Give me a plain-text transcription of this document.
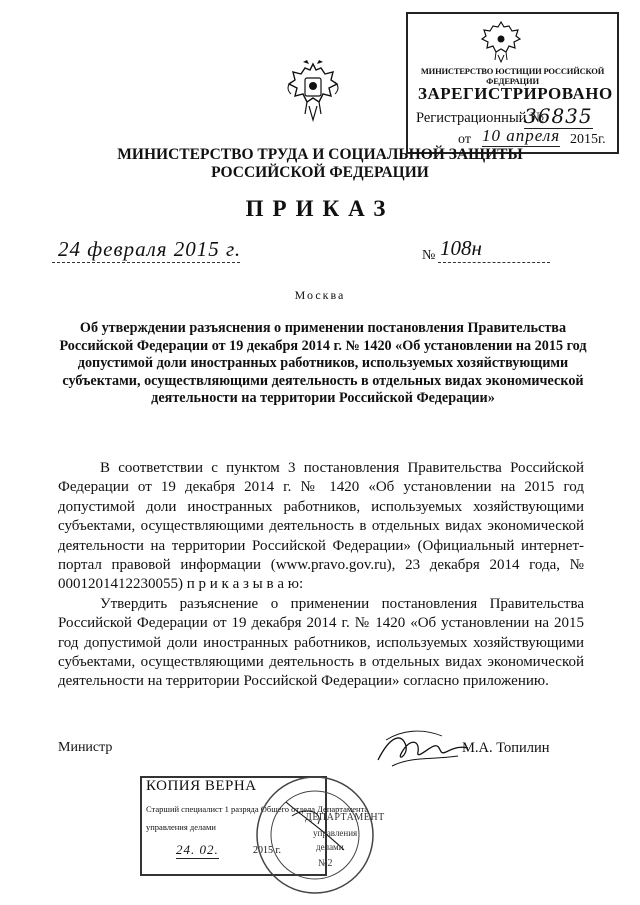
МИНИСТЕРСТВО ЮСТИЦИИ РОССИЙСКОЙ ФЕДЕРАЦИИ
ЗАРЕГИСТРИРОВАНО
Регистрационный №
36835
от 10 апреля 2015г.
МИНИСТЕРСТВО ТРУДА И СОЦИАЛЬНОЙ ЗАЩИТЫ
РОССИЙСКОЙ ФЕДЕРАЦИИ
ПРИКАЗ
24 февраля 2015 г.	№ 108н
Москва
Об утверждении разъяснения о применении постановления Правительства Российской Федерации от 19 декабря 2014 г. № 1420 «Об установлении на 2015 год допустимой доли иностранных работников, используемых хозяйствующими субъектами, осуществляющими деятельность в отдельных видах экономической деятельности на территории Российской Федерации»

В соответствии с пунктом 3 постановления Правительства Российской Федерации от 19 декабря 2014 г. № 1420 «Об установлении на 2015 год допустимой доли иностранных работников, используемых хозяйствующими субъектами, осуществляющими деятельность в отдельных видах экономической деятельности на территории Российской Федерации» (Официальный интернет-портал правовой информации (www.pravo.gov.ru), 23 декабря 2014 года, № 0001201412230055) п р и к а з ы в а ю:

Утвердить разъяснение о применении постановления Правительства Российской Федерации от 19 декабря 2014 г. № 1420 «Об установлении на 2015 год допустимой доли иностранных работников, используемых хозяйствующими субъектами, осуществляющими деятельность в отдельных видах экономической деятельности на территории Российской Федерации» согласно приложению.

Министр	М.А. Топилин
КОПИЯ ВЕРНА
Старший специалист 1 разряда Общего отдела Департамента
управления делами
24. 02.	2015 г.
ДЕПАРТАМЕНТ
управления
делами
№2
